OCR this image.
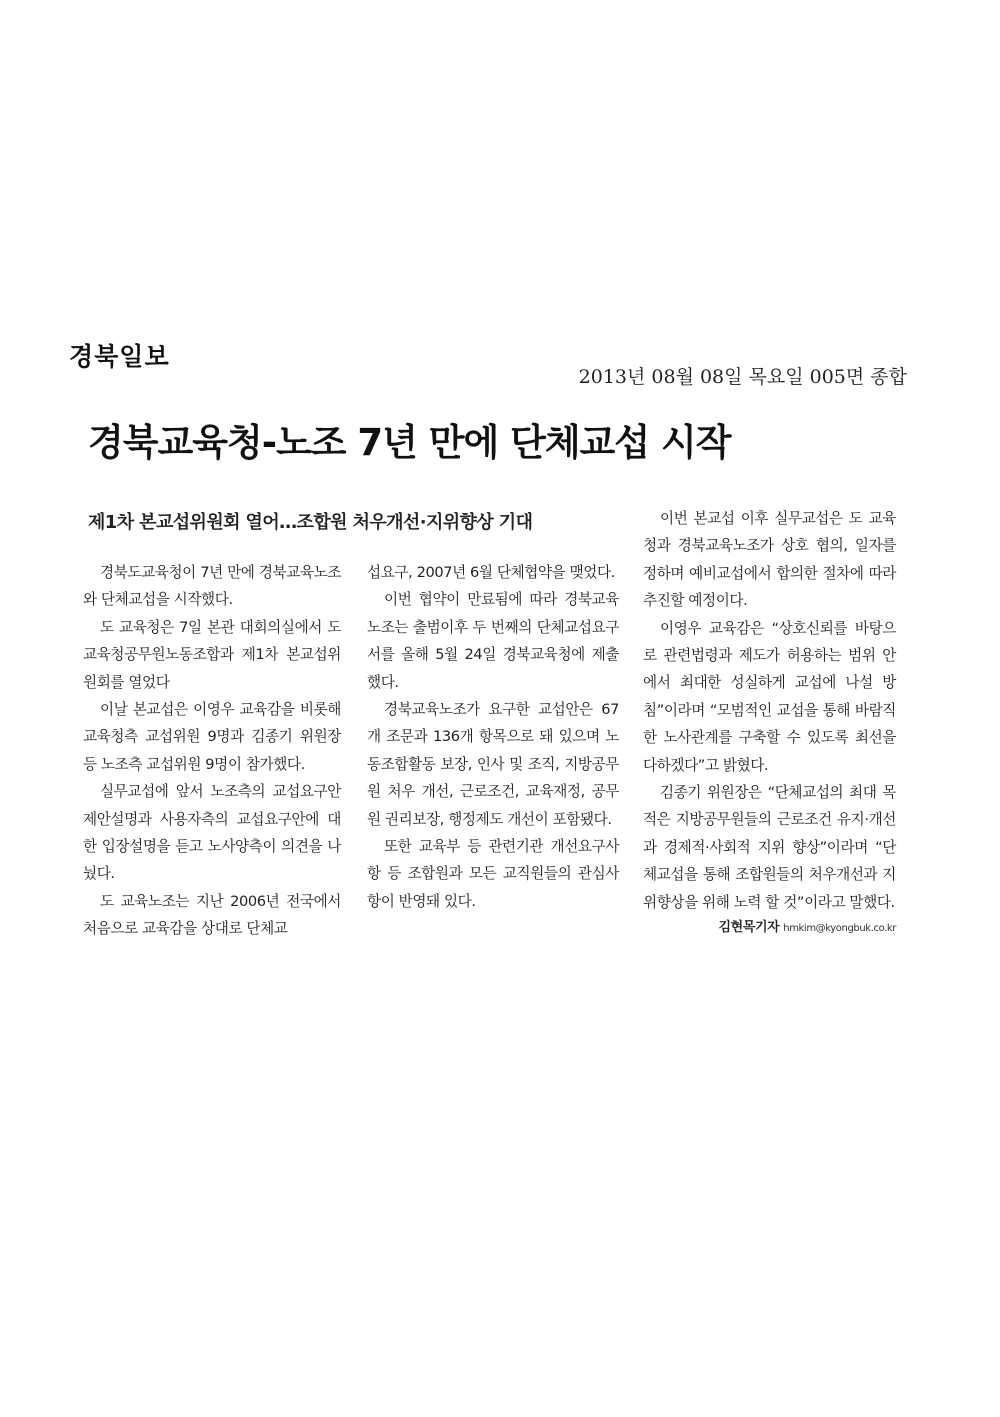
경북일보
2013년 08월 08일 목요일 005면 종합
경북교육청-노조 7년 만에 단체교섭 시작
제1차 본교섭위원회 열어…조합원 처우개선·지위향상 기대

경북도교육청이 7년 만에 경북교육노조와 단체교섭을 시작했다.

도 교육청은 7일 본관 대회의실에서 도 교육청공무원노동조합과 제1차 본교섭위원회를 열었다

이날 본교섭은 이영우 교육감을 비롯해 교육청측 교섭위원 9명과 김종기 위원장 등 노조측 교섭위원 9명이 참가했다.

실무교섭에 앞서 노조측의 교섭요구안 제안설명과 사용자측의 교섭요구안에 대한 입장설명을 듣고 노사양측이 의견을 나눴다.

도 교육노조는 지난 2006년 전국에서 처음으로 교육감을 상대로 단체교

섭요구, 2007년 6월 단체협약을 맺었다.

이번 협약이 만료됨에 따라 경북교육노조는 출범이후 두 번째의 단체교섭요구서를 올해 5월 24일 경북교육청에 제출했다.

경북교육노조가 요구한 교섭안은 67개 조문과 136개 항목으로 돼 있으며 노동조합활동 보장, 인사 및 조직, 지방공무원 처우 개선, 근로조건, 교육재정, 공무원 권리보장, 행정제도 개선이 포함됐다.

또한 교육부 등 관련기관 개선요구사항 등 조합원과 모든 교직원들의 관심사항이 반영돼 있다.

이번 본교섭 이후 실무교섭은 도 교육청과 경북교육노조가 상호 협의, 일자를 정하며 예비교섭에서 합의한 절차에 따라 추진할 예정이다.

이영우 교육감은 “상호신뢰를 바탕으로 관련법령과 제도가 허용하는 범위 안에서 최대한 성실하게 교섭에 나설 방침”이라며 “모범적인 교섭을 통해 바람직한 노사관계를 구축할 수 있도록 최선을 다하겠다”고 밝혔다.

김종기 위원장은 “단체교섭의 최대 목적은 지방공무원들의 근로조건 유지·개선과 경제적·사회적 지위 향상”이라며 “단체교섭을 통해 조합원들의 처우개선과 지위향상을 위해 노력 할 것”이라고 말했다.

김현목기자 hmkim@kyongbuk.co.kr
